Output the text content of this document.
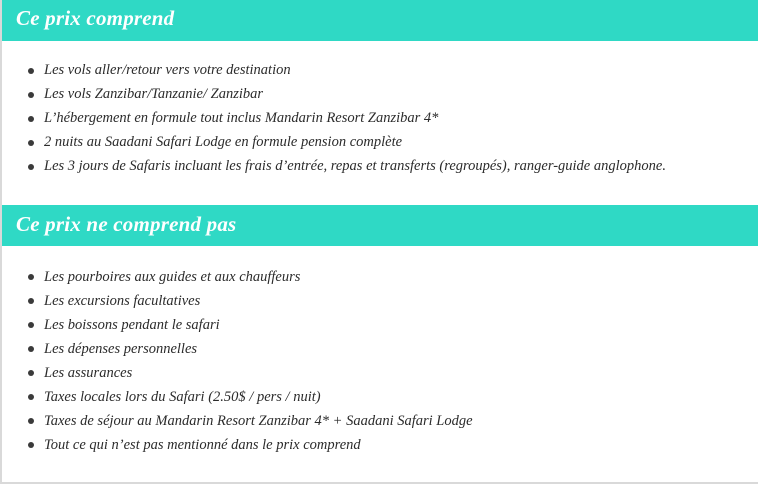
Ce prix comprend
Les vols aller/retour vers votre destination
Les vols Zanzibar/Tanzanie/ Zanzibar
L’hébergement en formule tout inclus Mandarin Resort Zanzibar 4*
2 nuits au Saadani Safari Lodge en formule pension complète
Les 3 jours de Safaris incluant les frais d’entrée, repas et transferts (regroupés), ranger-guide anglophone.
Ce prix ne comprend pas
Les pourboires aux guides et aux chauffeurs
Les excursions facultatives
Les boissons pendant le safari
Les dépenses personnelles
Les assurances
Taxes locales lors du Safari (2.50$ / pers / nuit)
Taxes de séjour au Mandarin Resort Zanzibar 4* + Saadani Safari Lodge
Tout ce qui n’est pas mentionné dans le prix comprend
